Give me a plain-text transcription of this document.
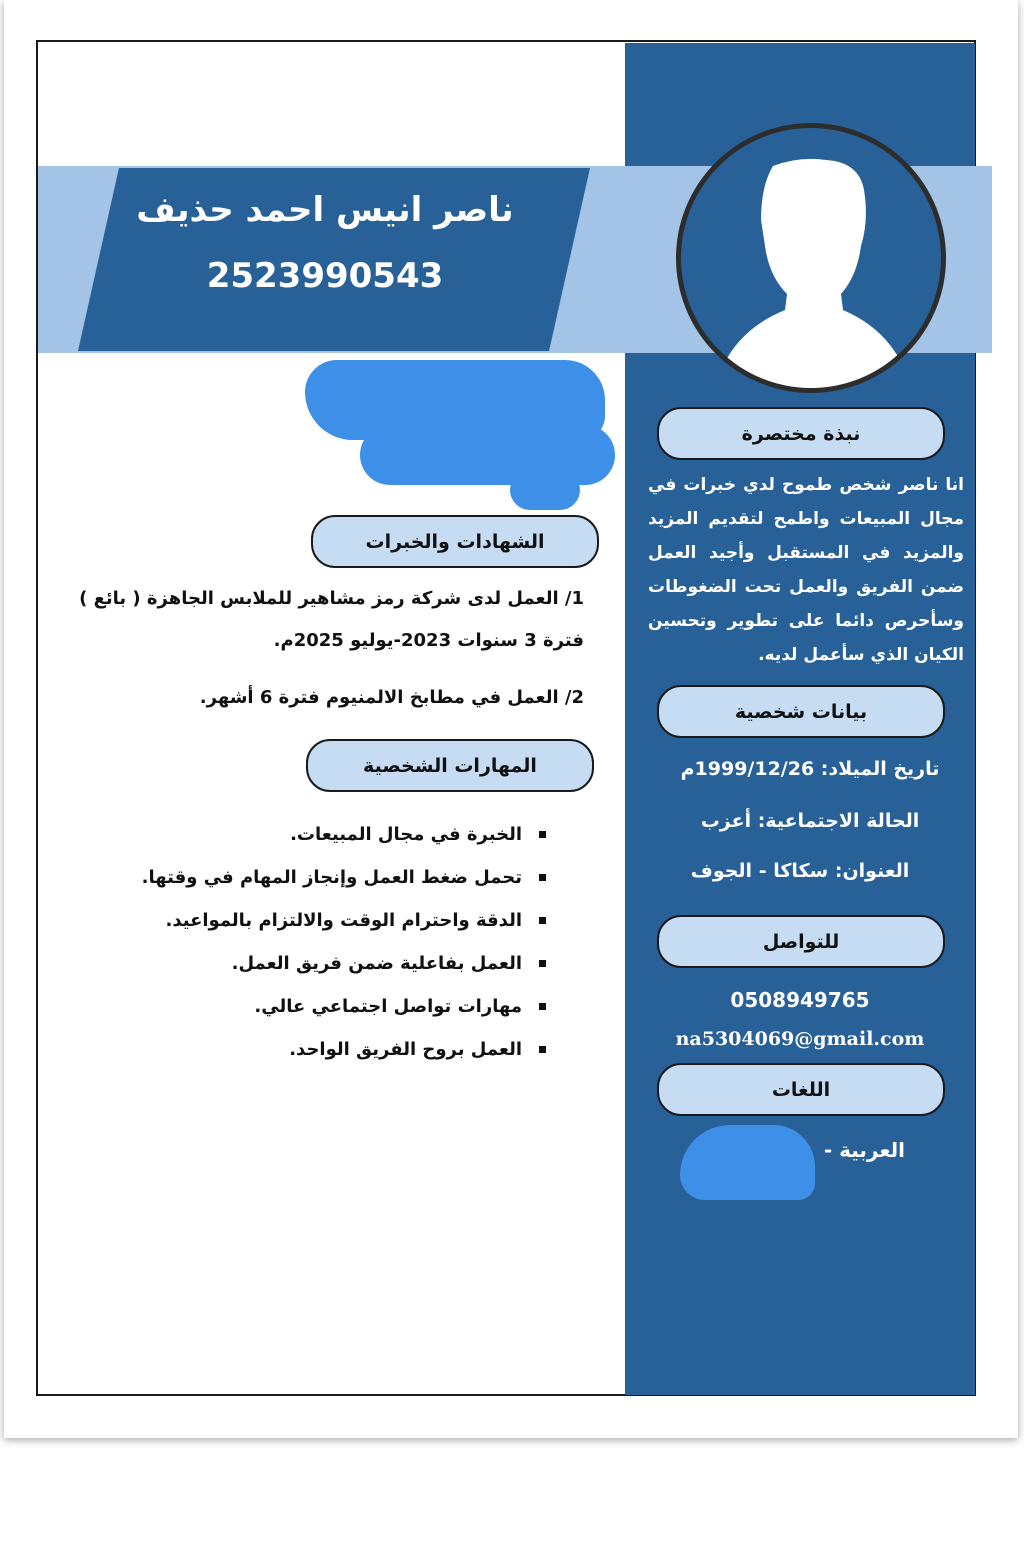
ناصر انيس احمد حذيف
2523990543
نبذة مختصرة
انا ناصر شخص طموح لدي خبرات في مجال المبيعات واطمح لتقديم المزيد والمزيد في المستقبل وأجيد العمل ضمن الفريق والعمل تحت الضغوطات وسأحرص دائما على تطوير وتحسين الكيان الذي سأعمل لديه.
بيانات شخصية
تاريخ الميلاد: 1999/12/26م
الحالة الاجتماعية: أعزب
العنوان: سكاكا - الجوف
للتواصل
0508949765
na5304069@gmail.com
اللغات
العربية -
الشهادات والخبرات
1/ العمل لدى شركة رمز مشاهير للملابس الجاهزة ( بائع )
فترة 3 سنوات 2023-يوليو 2025م.
2/ العمل في مطابخ الالمنيوم فترة 6 أشهر.
المهارات الشخصية
الخبرة في مجال المبيعات.
تحمل ضغط العمل وإنجاز المهام في وقتها.
الدقة واحترام الوقت والالتزام بالمواعيد.
العمل بفاعلية ضمن فريق العمل.
مهارات تواصل اجتماعي عالي.
العمل بروح الفريق الواحد.
